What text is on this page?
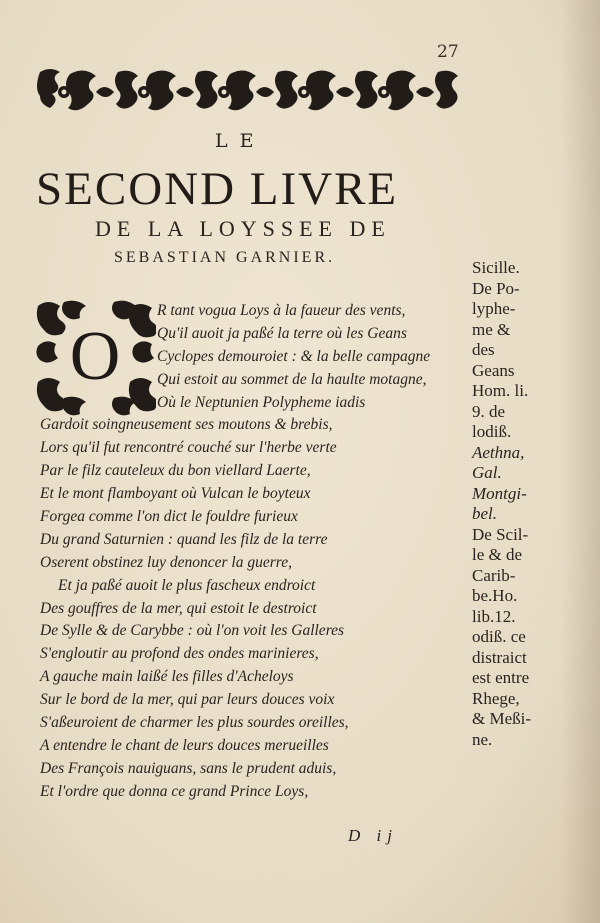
27
LE
SECOND LIVRE
DE LA LOYSSEE DE
SEBASTIAN GARNIER.
O
R tant vogua Loys à la faueur des vents,
Qu'il auoit ja paßé la terre où les Geans
Cyclopes demouroiet : & la belle campagne
Qui estoit au sommet de la haulte motagne,
Où le Neptunien Polypheme iadis
Gardoit soingneusement ses moutons & brebis,
Lors qu'il fut rencontré couché sur l'herbe verte
Par le filz cauteleux du bon viellard Laerte,
Et le mont flamboyant où Vulcan le boyteux
Forgea comme l'on dict le fouldre furieux
Du grand Saturnien : quand les filz de la terre
Oserent obstinez luy denoncer la guerre,
Et ja paßé auoit le plus fascheux endroict
Des gouffres de la mer, qui estoit le destroict
De Sylle & de Carybbe : où l'on voit les Galleres
S'engloutir au profond des ondes marinieres,
A gauche main laißé les filles d'Acheloys
Sur le bord de la mer, qui par leurs douces voix
S'aßeuroient de charmer les plus sourdes oreilles,
A entendre le chant de leurs douces merueilles
Des François nauiguans, sans le prudent aduis,
Et l'ordre que donna ce grand Prince Loys,
Sicille.
De Po-
lyphe-
me &
des
Geans
Hom. li.
9. de
lodiß.
Aethna,
Gal.
Montgi-
bel.
De Scil-
le & de
Carib-
be.Ho.
lib.12.
odiß. ce
distraict
est entre
Rhege,
& Meßi-
ne.
D ij
